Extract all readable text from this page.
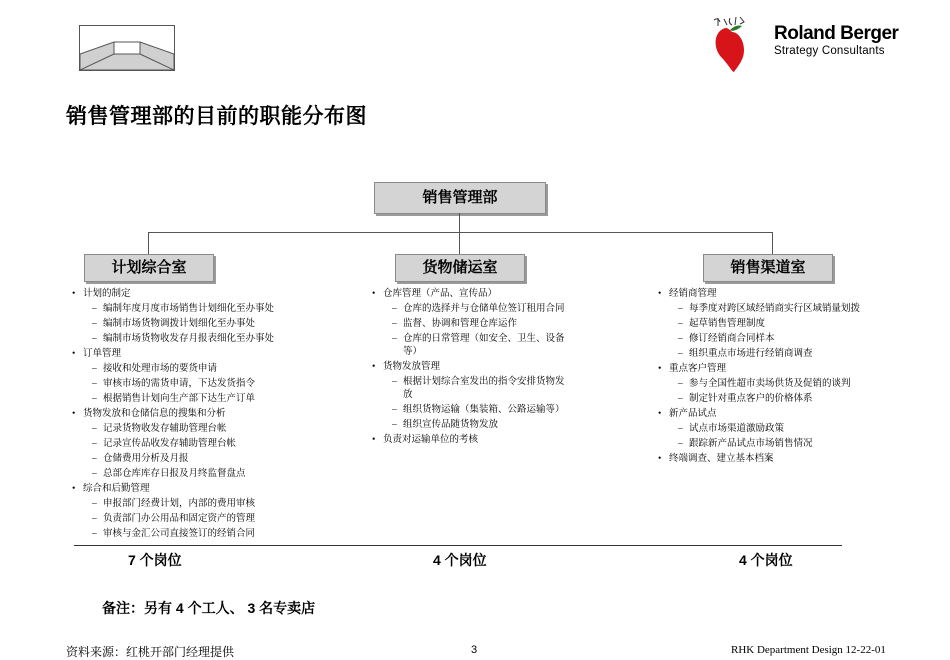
Roland Berger
Strategy Consultants
销售管理部的目前的职能分布图
销售管理部
计划综合室	货物储运室	销售渠道室
• 计划的制定
– 编制年度月度市场销售计划细化至办事处
– 编制市场货物调拨计划细化至办事处
– 编制市场货物收发存月报表细化至办事处
• 订单管理
– 接收和处理市场的要货申请
– 审核市场的需货申请，下达发货指令
– 根据销售计划向生产部下达生产订单
• 货物发放和仓储信息的搜集和分析
– 记录货物收发存辅助管理台帐
– 记录宣传品收发存辅助管理台帐
– 仓储费用分析及月报
– 总部仓库库存日报及月终监督盘点
• 综合和后勤管理
– 申报部门经费计划，内部的费用审核
– 负责部门办公用品和固定资产的管理
– 审核与金汇公司直接签订的经销合同
• 仓库管理（产品、宣传品）
– 仓库的选择并与仓储单位签订租用合同
– 监督、协调和管理仓库运作
– 仓库的日常管理（如安全、卫生、设备等）
• 货物发放管理
– 根据计划综合室发出的指令安排货物发放
– 组织货物运输（集装箱、公路运输等）
– 组织宣传品随货物发放
• 负责对运输单位的考核
• 经销商管理
– 每季度对跨区域经销商实行区域销量划拨
– 起草销售管理制度
– 修订经销商合同样本
– 组织重点市场进行经销商调查
• 重点客户管理
– 参与全国性超市卖场供货及促销的谈判
– 制定针对重点客户的价格体系
• 新产品试点
– 试点市场渠道激励政策
– 跟踪新产品试点市场销售情况
• 终端调查、建立基本档案
7 个岗位	4 个岗位	4 个岗位
备注：另有 4 个工人、 3 名专卖店
资料来源：红桃开部门经理提供	3	RHK Department Design 12-22-01
